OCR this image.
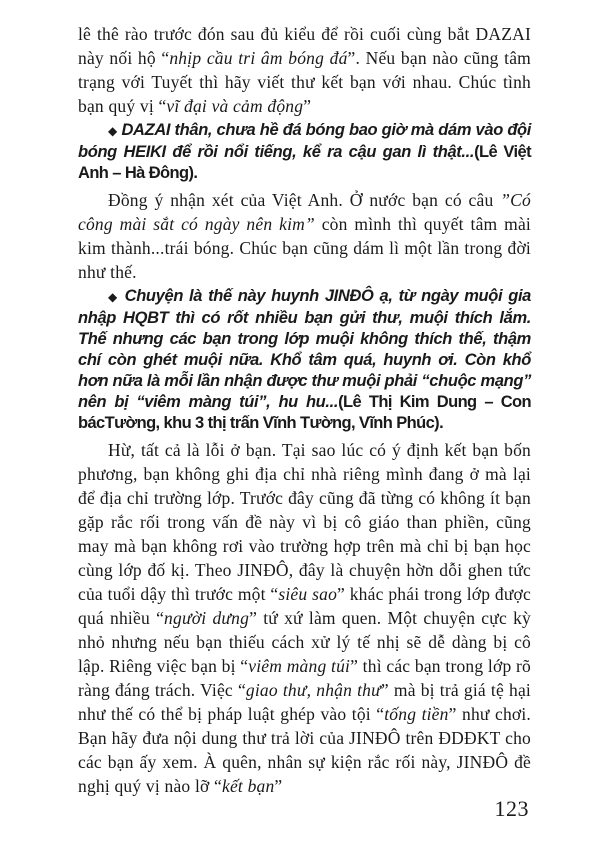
lê thê rào trước đón sau đủ kiểu để rồi cuối cùng bắt DAZAI này nối hộ “nhịp cầu tri âm bóng đá”. Nếu bạn nào cũng tâm trạng với Tuyết thì hãy viết thư kết bạn với nhau. Chúc tình bạn quý vị “vĩ đại và cảm động”

◆ DAZAI thân, chưa hề đá bóng bao giờ mà dám vào đội bóng HEIKI để rồi nổi tiếng, kể ra cậu gan lì thật...(Lê Việt Anh – Hà Đông).

Đồng ý nhận xét của Việt Anh. Ở nước bạn có câu ”Có công mài sắt có ngày nên kim” còn mình thì quyết tâm mài kim thành...trái bóng. Chúc bạn cũng dám lì một lần trong đời như thế.

◆ Chuyện là thế này huynh JINĐÔ ạ, từ ngày muội gia nhập HQBT thì có rốt nhiều bạn gửi thư, muội thích lắm. Thế nhưng các bạn trong lớp muội không thích thế, thậm chí còn ghét muội nữa. Khổ tâm quá, huynh ơi. Còn khổ hơn nữa là mỗi lần nhận được thư muội phải “chuộc mạng” nên bị “viêm màng túi”, hu hu...(Lê Thị Kim Dung – Con bácTường, khu 3 thị trấn Vĩnh Tường, Vĩnh Phúc).

Hừ, tất cả là lỗi ở bạn. Tại sao lúc có ý định kết bạn bốn phương, bạn không ghi địa chỉ nhà riêng mình đang ở mà lại để địa chỉ trường lớp. Trước đây cũng đã từng có không ít bạn gặp rắc rối trong vấn đề này vì bị cô giáo than phiền, cũng may mà bạn không rơi vào trường hợp trên mà chỉ bị bạn học cùng lớp đố kị. Theo JINĐÔ, đây là chuyện hờn dỗi ghen tức của tuổi dậy thì trước một “siêu sao” khác phái trong lớp được quá nhiều “người dưng” tứ xứ làm quen. Một chuyện cực kỳ nhỏ nhưng nếu bạn thiếu cách xử lý tế nhị sẽ dễ dàng bị cô lập. Riêng việc bạn bị “viêm màng túi” thì các bạn trong lớp rõ ràng đáng trách. Việc “giao thư, nhận thư” mà bị trả giá tệ hại như thế có thể bị pháp luật ghép vào tội “tống tiền” như chơi. Bạn hãy đưa nội dung thư trả lời của JINĐÔ trên ĐDĐKT cho các bạn ấy xem. À quên, nhân sự kiện rắc rối này, JINĐÔ đề nghị quý vị nào lỡ “kết bạn”

123
